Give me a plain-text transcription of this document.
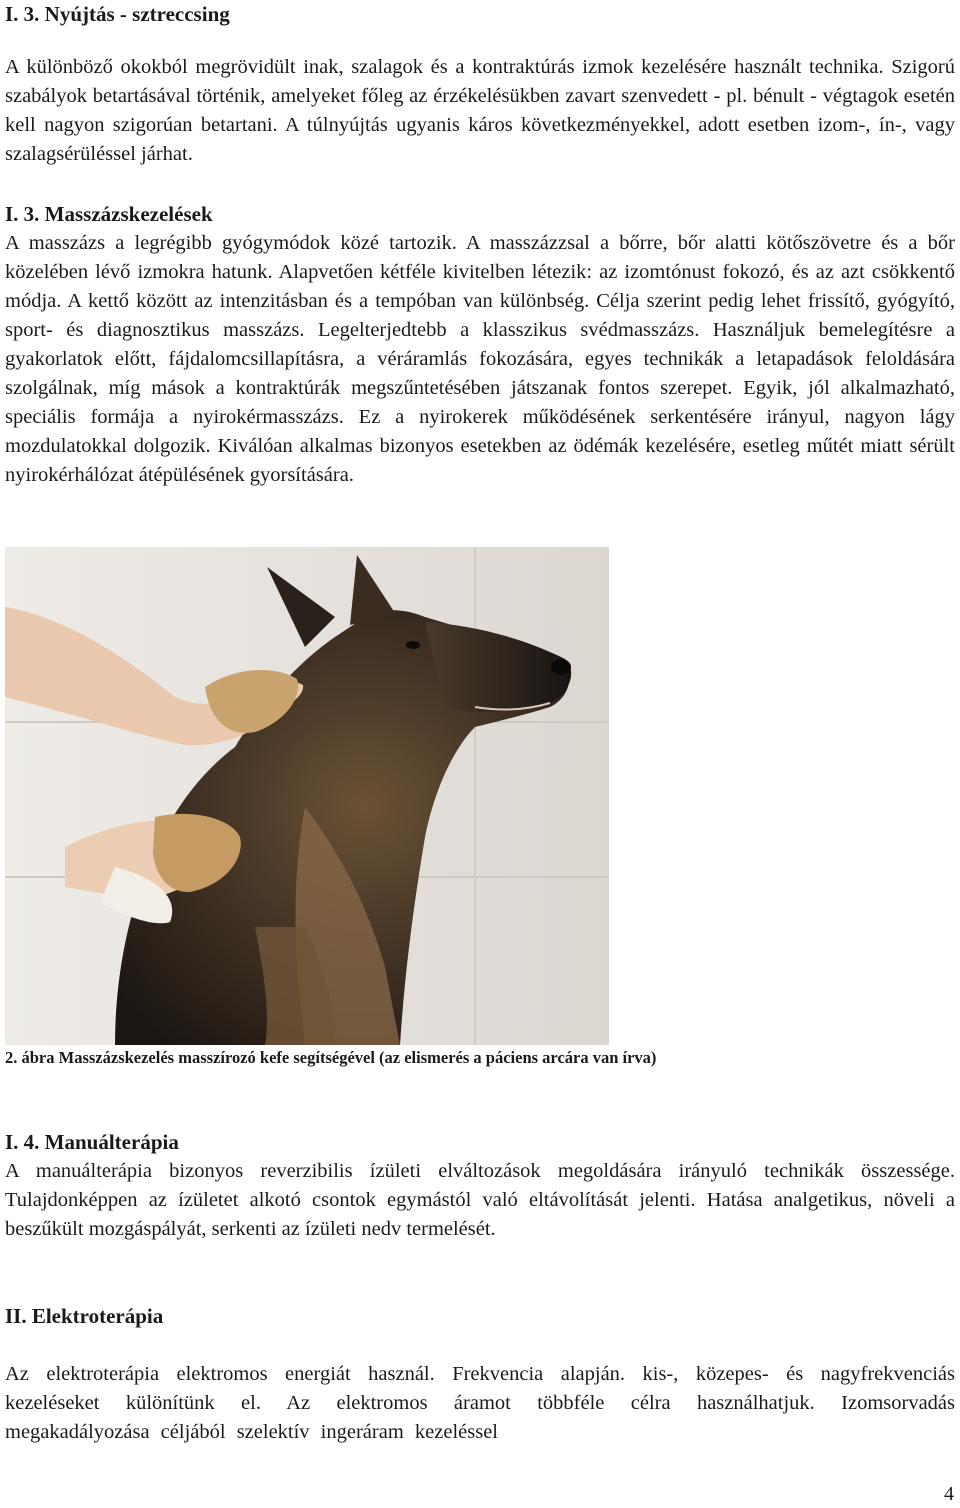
I. 3. Nyújtás - sztreccsing

A különböző okokból megrövidült inak, szalagok és a kontraktúrás izmok kezelésére használt technika. Szigorú szabályok betartásával történik, amelyeket főleg az érzékelésükben zavart szenvedett - pl. bénult - végtagok esetén kell nagyon szigorúan betartani. A túlnyújtás ugyanis káros következményekkel, adott esetben izom-, ín-, vagy szalagsérüléssel járhat.

I. 3. Masszázskezelések

A masszázs a legrégibb gyógymódok közé tartozik. A masszázzsal a bőrre, bőr alatti kötőszövetre és a bőr közelében lévő izmokra hatunk. Alapvetően kétféle kivitelben létezik: az izomtónust fokozó, és az azt csökkentő módja. A kettő között az intenzitásban és a tempóban van különbség. Célja szerint pedig lehet frissítő, gyógyító, sport- és diagnosztikus masszázs. Legelterjedtebb a klasszikus svédmasszázs. Használjuk bemelegítésre a gyakorlatok előtt, fájdalomcsillapításra, a véráramlás fokozására, egyes technikák a letapadások feloldására szolgálnak, míg mások a kontraktúrák megszűntetésében játszanak fontos szerepet. Egyik, jól alkalmazható, speciális formája a nyirokérmasszázs. Ez a nyirokerek működésének serkentésére irányul, nagyon lágy mozdulatokkal dolgozik. Kiválóan alkalmas bizonyos esetekben az ödémák kezelésére, esetleg műtét miatt sérült nyirokérhálózat átépülésének gyorsítására.

2. ábra Masszázskezelés masszírozó kefe segítségével (az elismerés a páciens arcára van írva)
I. 4. Manuálterápia

A manuálterápia bizonyos reverzibilis ízületi elváltozások megoldására irányuló technikák összessége. Tulajdonképpen az ízületet alkotó csontok egymástól való eltávolítását jelenti. Hatása analgetikus, növeli a beszűkült mozgáspályát, serkenti az ízületi nedv termelését.

II. Elektroterápia

Az elektroterápia elektromos energiát használ. Frekvencia alapján. kis-, közepes- és nagyfrekvenciás kezeléseket különítünk el. Az elektromos áramot többféle célra használhatjuk. Izomsorvadás megakadályozása céljából szelektív ingeráram kezeléssel

4
